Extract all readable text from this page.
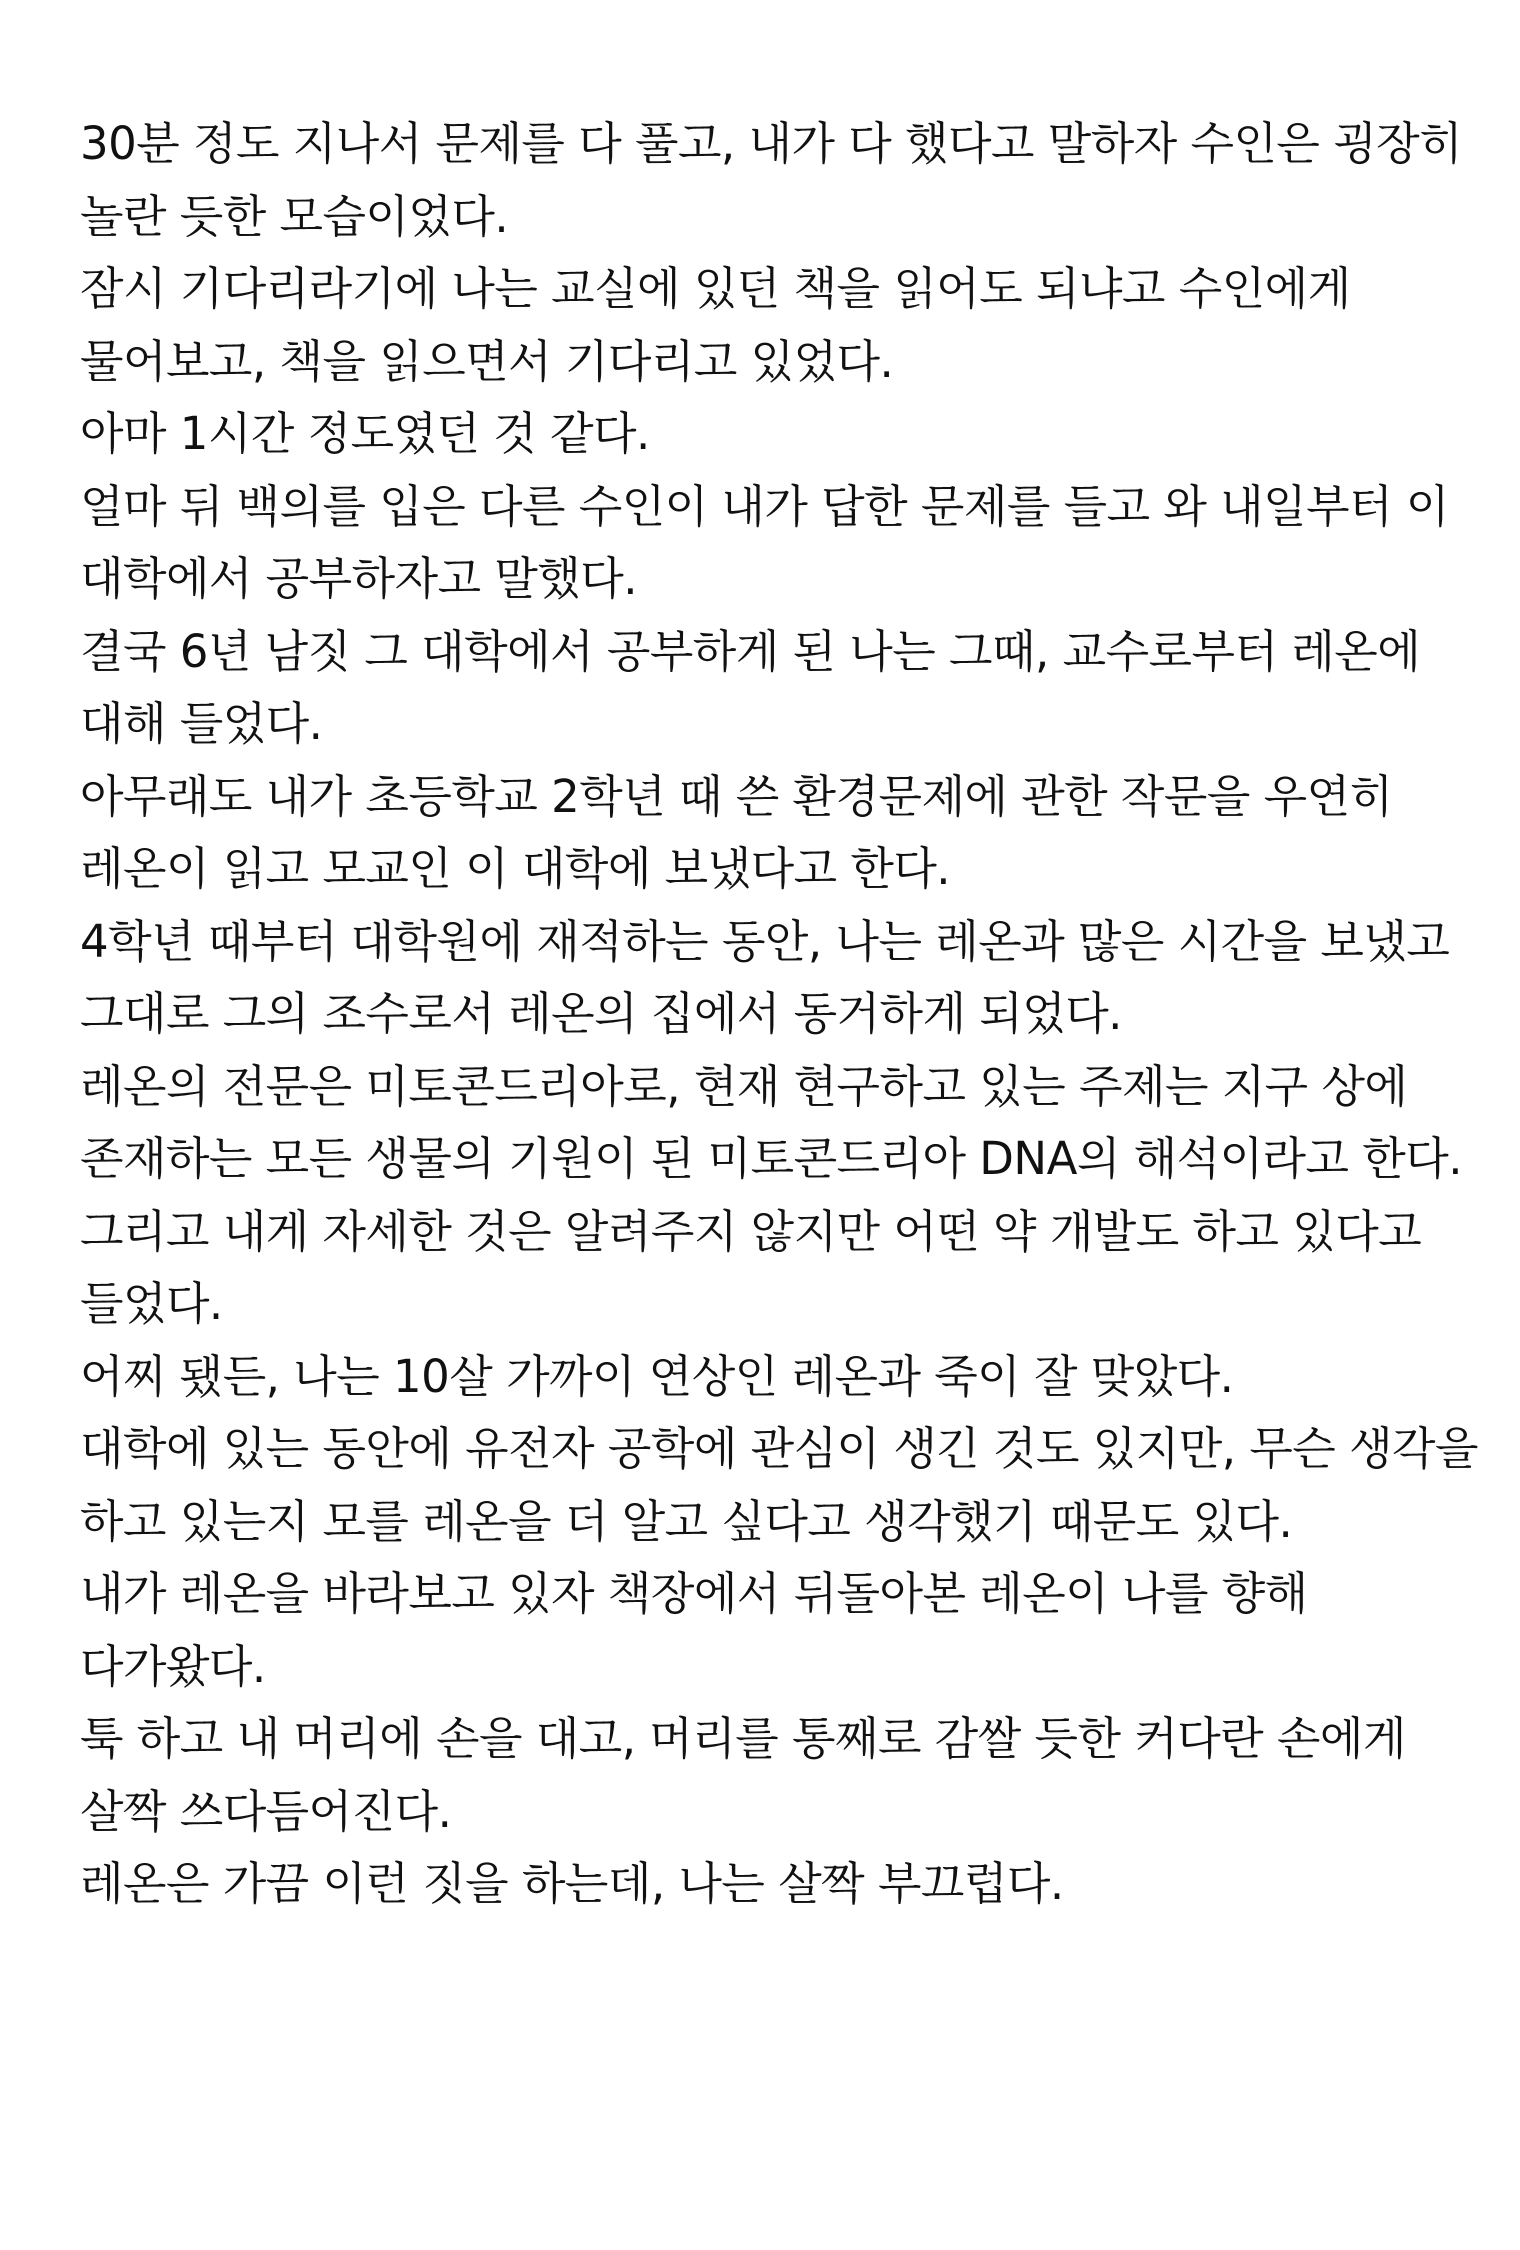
30분 정도 지나서 문제를 다 풀고, 내가 다 했다고 말하자 수인은 굉장히
놀란 듯한 모습이었다.
잠시 기다리라기에 나는 교실에 있던 책을 읽어도 되냐고 수인에게
물어보고, 책을 읽으면서 기다리고 있었다.
아마 1시간 정도였던 것 같다.
얼마 뒤 백의를 입은 다른 수인이 내가 답한 문제를 들고 와 내일부터 이
대학에서 공부하자고 말했다.
결국 6년 남짓 그 대학에서 공부하게 된 나는 그때, 교수로부터 레온에
대해 들었다.
아무래도 내가 초등학교 2학년 때 쓴 환경문제에 관한 작문을 우연히
레온이 읽고 모교인 이 대학에 보냈다고 한다.
4학년 때부터 대학원에 재적하는 동안, 나는 레온과 많은 시간을 보냈고
그대로 그의 조수로서 레온의 집에서 동거하게 되었다.
레온의 전문은 미토콘드리아로, 현재 현구하고 있는 주제는 지구 상에
존재하는 모든 생물의 기원이 된 미토콘드리아 DNA의 해석이라고 한다.
그리고 내게 자세한 것은 알려주지 않지만 어떤 약 개발도 하고 있다고
들었다.
어찌 됐든, 나는 10살 가까이 연상인 레온과 죽이 잘 맞았다.
대학에 있는 동안에 유전자 공학에 관심이 생긴 것도 있지만, 무슨 생각을
하고 있는지 모를 레온을 더 알고 싶다고 생각했기 때문도 있다.
내가 레온을 바라보고 있자 책장에서 뒤돌아본 레온이 나를 향해
다가왔다.
툭 하고 내 머리에 손을 대고, 머리를 통째로 감쌀 듯한 커다란 손에게
살짝 쓰다듬어진다.
레온은 가끔 이런 짓을 하는데, 나는 살짝 부끄럽다.
